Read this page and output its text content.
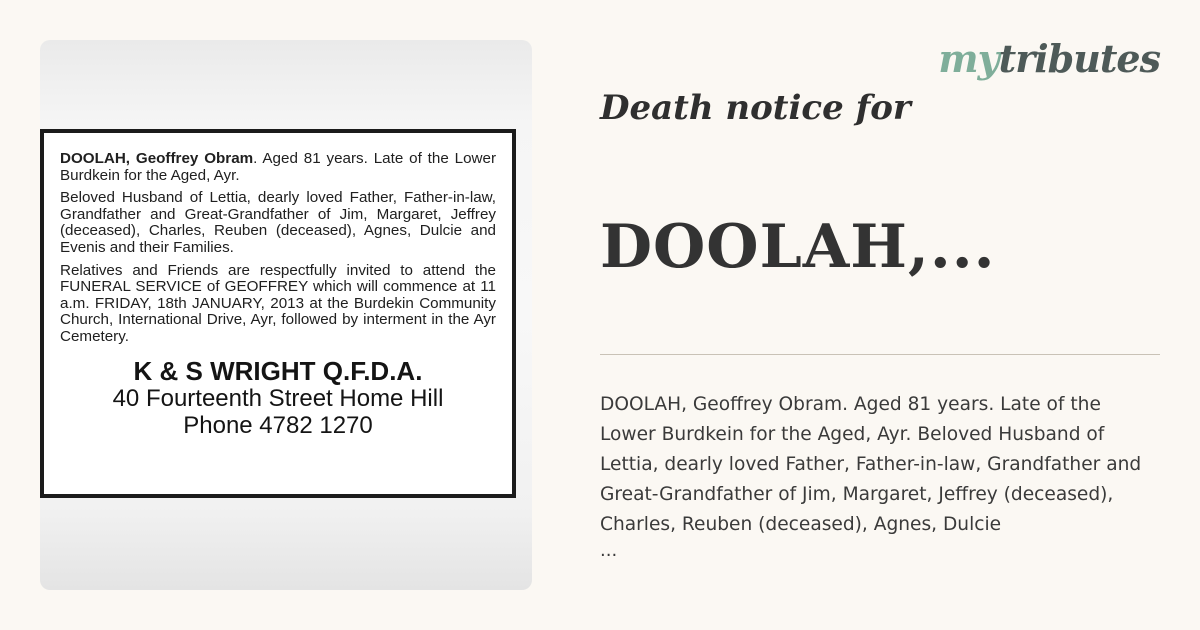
DOOLAH, Geoffrey Obram. Aged 81 years. Late of the Lower Burdkein for the Aged, Ayr.

Beloved Husband of Lettia, dearly loved Father, Father-in-law, Grandfather and Great-Grandfather of Jim, Margaret, Jeffrey (deceased), Charles, Reuben (deceased), Agnes, Dulcie and Evenis and their Families.

Relatives and Friends are respectfully invited to attend the FUNERAL SERVICE of GEOFFREY which will commence at 11 a.m. FRIDAY, 18th JANUARY, 2013 at the Burdekin Community Church, International Drive, Ayr, followed by interment in the Ayr Cemetery.

K & S WRIGHT Q.F.D.A.
40 Fourteenth Street Home Hill
Phone 4782 1270
mytributes
Death notice for
DOOLAH,...

DOOLAH, Geoffrey Obram. Aged 81 years. Late of the Lower Burdkein for the Aged, Ayr. Beloved Husband of Lettia, dearly loved Father, Father-in-law, Grandfather and Great-Grandfather of Jim, Margaret, Jeffrey (deceased), Charles, Reuben (deceased), Agnes, Dulcie

...
